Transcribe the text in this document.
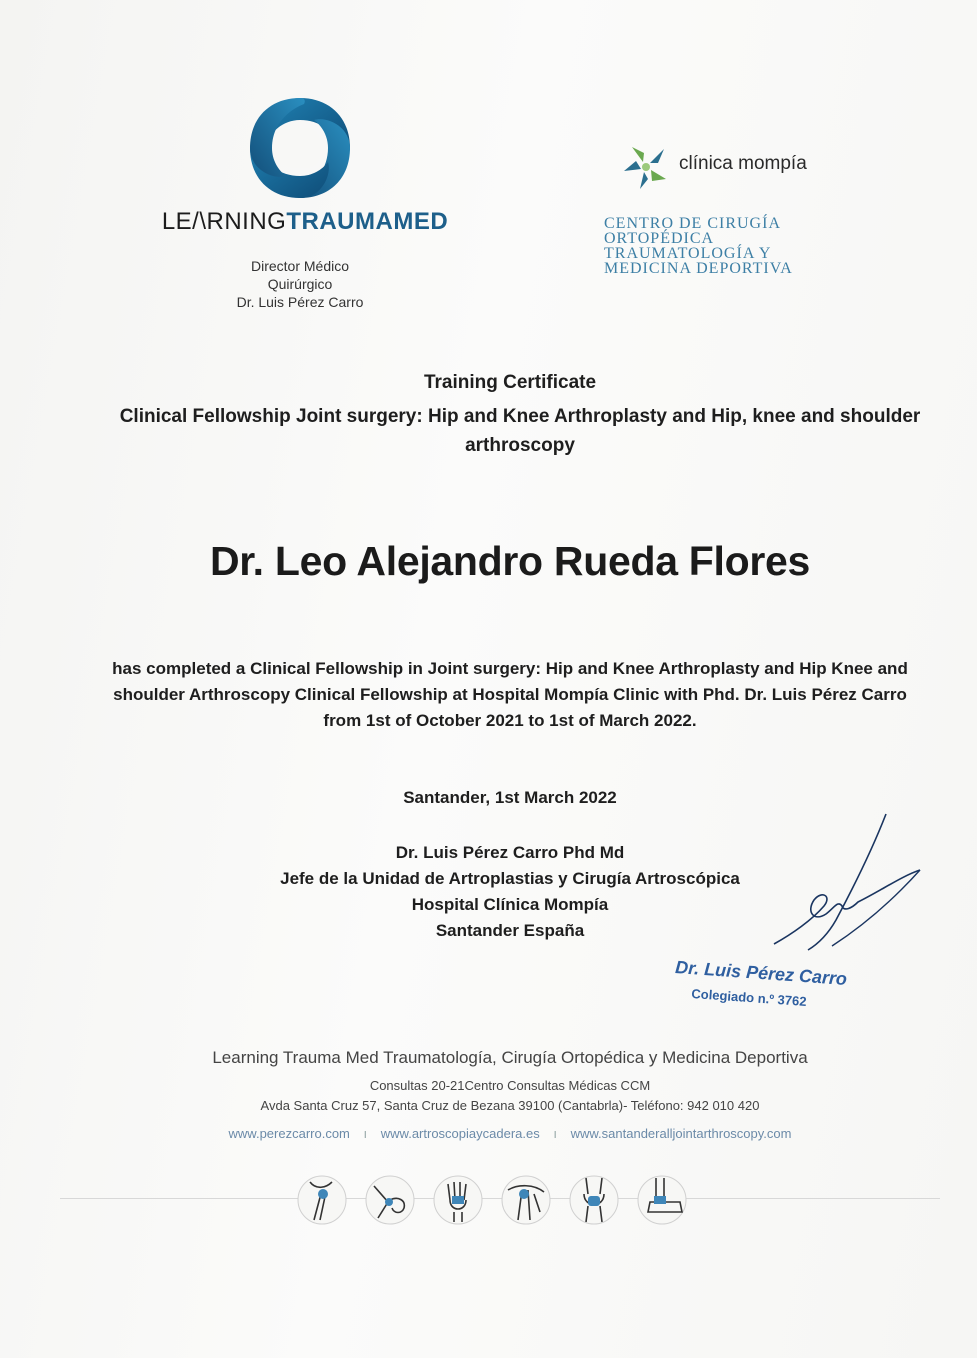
LE/\RNINGTRAUMAMED
Director Médico
Quirúrgico
Dr. Luis Pérez Carro
clínica mompía
CENTRO DE CIRUGÍA
ORTOPÉDICA
TRAUMATOLOGÍA Y
MEDICINA DEPORTIVA
Training Certificate
Clinical Fellowship Joint surgery: Hip and Knee Arthroplasty and Hip, knee and shoulder arthroscopy
Dr. Leo Alejandro Rueda Flores
has completed a Clinical Fellowship in Joint surgery: Hip and Knee Arthroplasty and Hip Knee and shoulder Arthroscopy Clinical Fellowship at Hospital Mompía Clinic with Phd. Dr. Luis Pérez Carro from 1st of October 2021 to 1st of March 2022.
Santander, 1st March 2022
Dr. Luis Pérez Carro Phd Md
Jefe de la Unidad de Artroplastias y Cirugía Artroscópica
Hospital Clínica Mompía
Santander España
Dr. Luis Pérez Carro
Colegiado n.º 3762
Learning Trauma Med Traumatología, Cirugía Ortopédica y Medicina Deportiva
Consultas 20-21Centro Consultas Médicas CCM
Avda Santa Cruz 57, Santa Cruz de Bezana 39100 (Cantabrla)- Teléfono: 942 010 420
www.perezcarro.com ı www.artroscopiaycadera.es ı www.santanderalljointarthroscopy.com
